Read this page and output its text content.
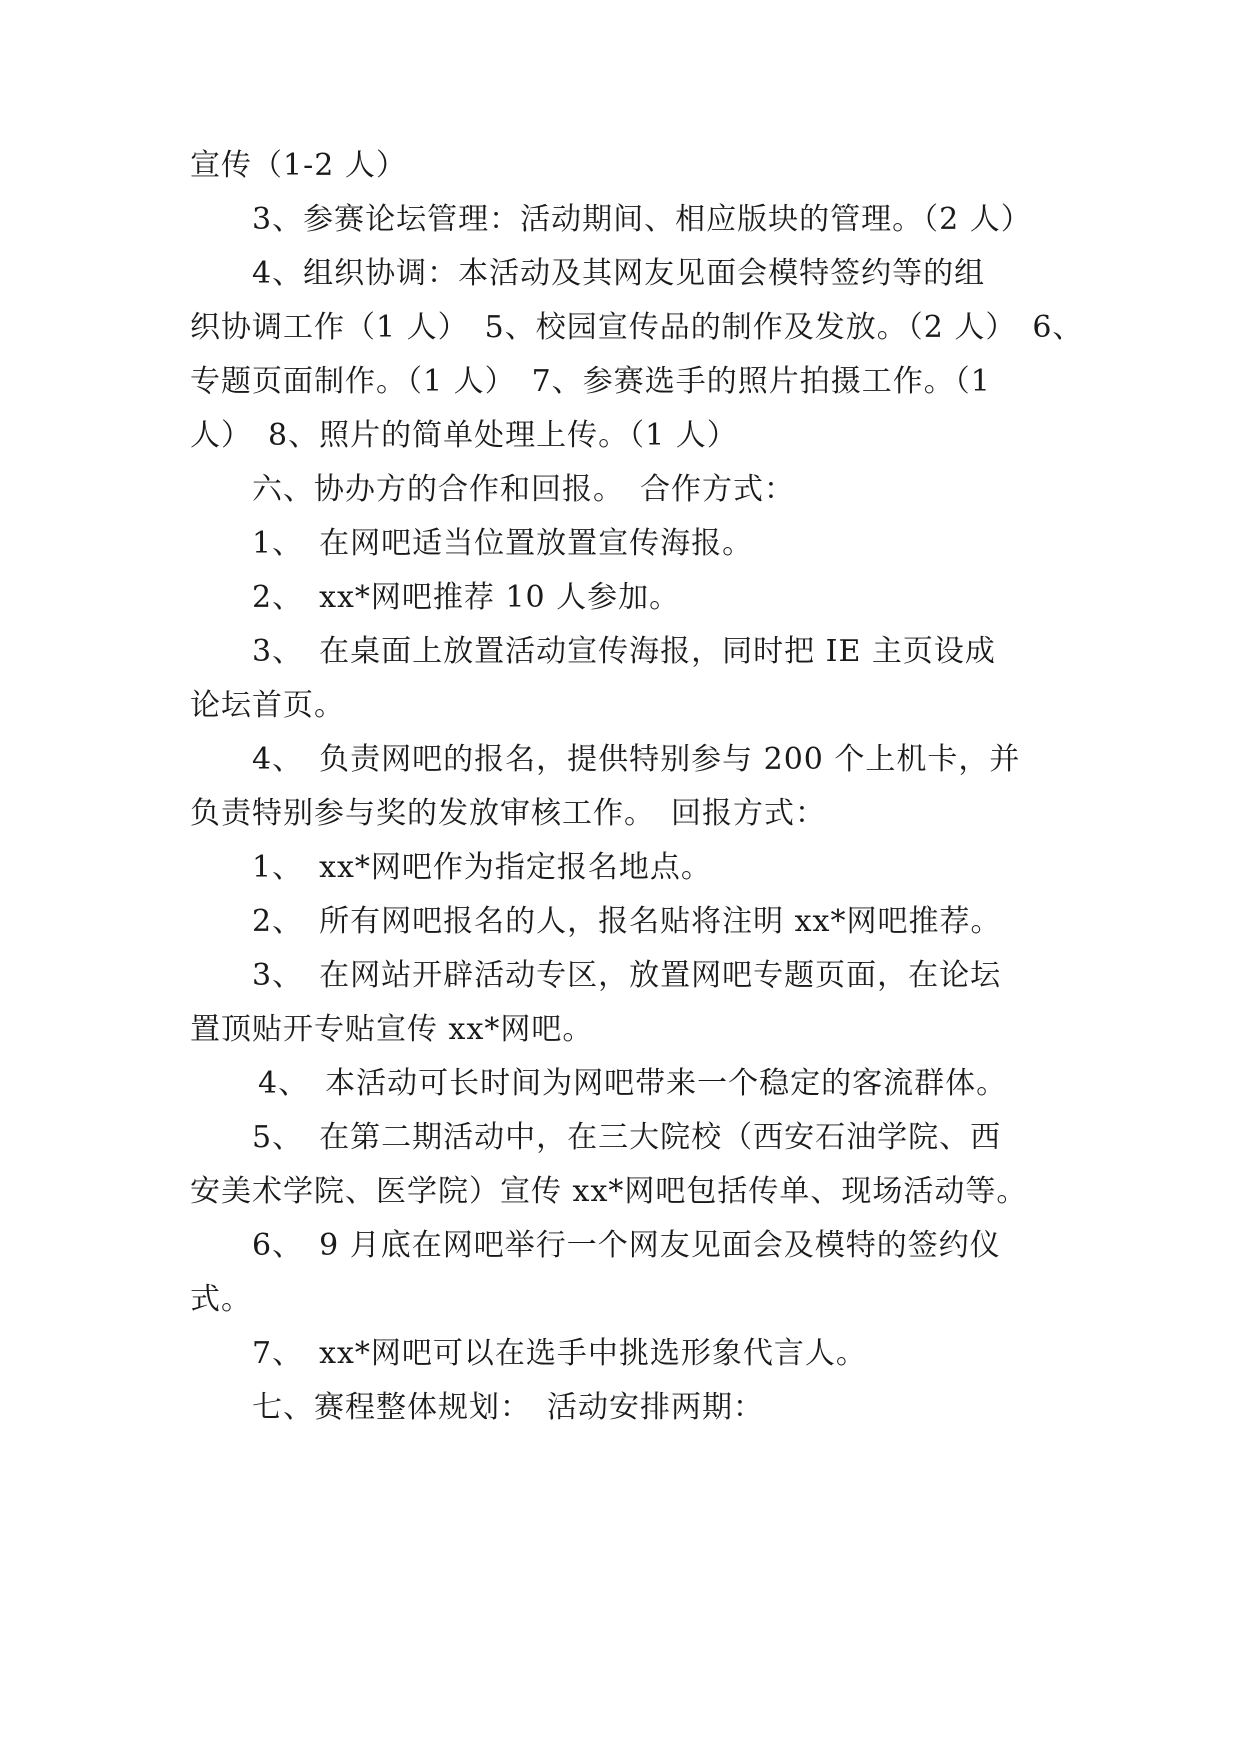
宣传（1-2 人）
3、参赛论坛管理：活动期间、相应版块的管理。（2 人）
4、组织协调：本活动及其网友见面会模特签约等的组
织协调工作（1 人）　5、校园宣传品的制作及发放。（2 人）　6、
专题页面制作。（1 人）　7、参赛选手的照片拍摄工作。（1
人）　8、照片的简单处理上传。（1 人）
六、协办方的合作和回报。　合作方式：
1、　在网吧适当位置放置宣传海报。
2、　xx*网吧推荐 10 人参加。
3、　在桌面上放置活动宣传海报，同时把 IE 主页设成
论坛首页。
4、　负责网吧的报名，提供特别参与 200 个上机卡，并
负责特别参与奖的发放审核工作。　回报方式：
1、　xx*网吧作为指定报名地点。
2、　所有网吧报名的人，报名贴将注明 xx*网吧推荐。
3、　在网站开辟活动专区，放置网吧专题页面，在论坛
置顶贴开专贴宣传 xx*网吧。
4、　本活动可长时间为网吧带来一个稳定的客流群体。
5、　在第二期活动中，在三大院校（西安石油学院、西
安美术学院、医学院）宣传 xx*网吧包括传单、现场活动等。
6、　9 月底在网吧举行一个网友见面会及模特的签约仪
式。
7、　xx*网吧可以在选手中挑选形象代言人。
七、赛程整体规划：　活动安排两期：
